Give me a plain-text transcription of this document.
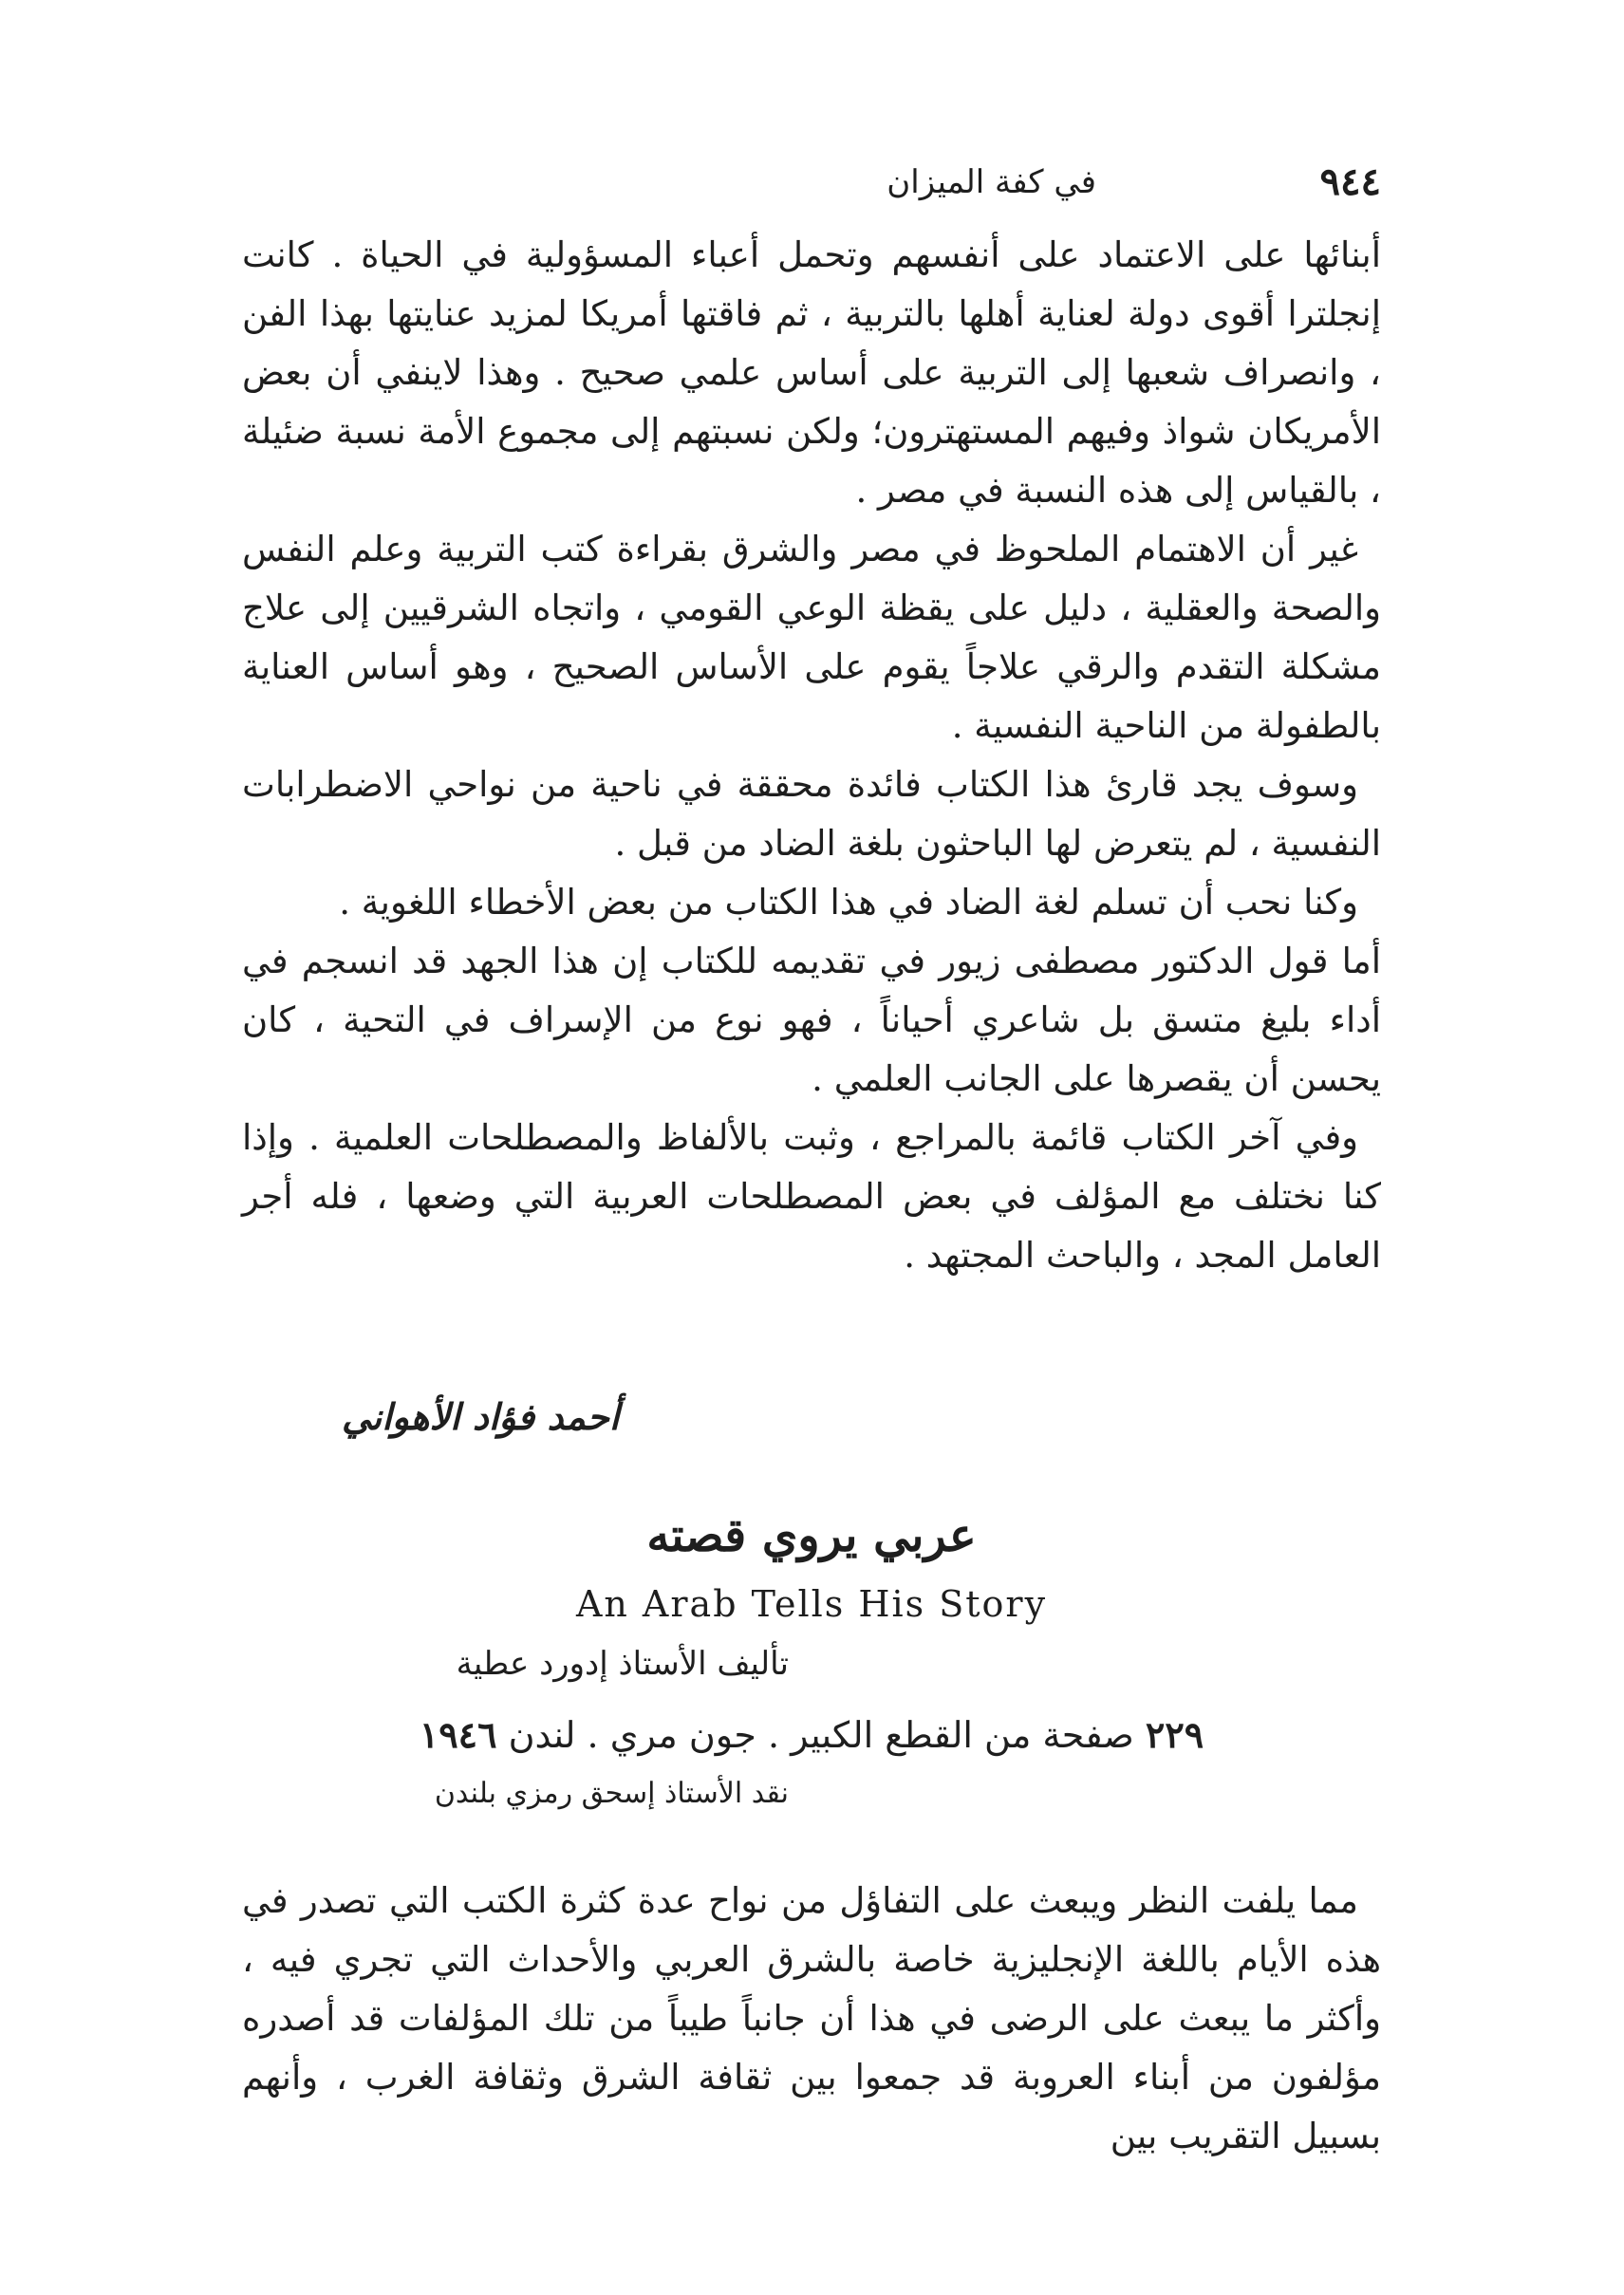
٩٤٤
في كفة الميزان

أبنائها على الاعتماد على أنفسهم وتحمل أعباء المسؤولية في الحياة . كانت إنجلترا أقوى دولة لعناية أهلها بالتربية ، ثم فاقتها أمريكا لمزيد عنايتها بهذا الفن ، وانصراف شعبها إلى التربية على أساس علمي صحيح . وهذا لاينفي أن بعض الأمريكان شواذ وفيهم المستهترون؛ ولكن نسبتهم إلى مجموع الأمة نسبة ضئيلة ، بالقياس إلى هذه النسبة في مصر .

غير أن الاهتمام الملحوظ في مصر والشرق بقراءة كتب التربية وعلم النفس والصحة والعقلية ، دليل على يقظة الوعي القومي ، واتجاه الشرقيين إلى علاج مشكلة التقدم والرقي علاجاً يقوم على الأساس الصحيح ، وهو أساس العناية بالطفولة من الناحية النفسية .

وسوف يجد قارئ هذا الكتاب فائدة محققة في ناحية من نواحي الاضطرابات النفسية ، لم يتعرض لها الباحثون بلغة الضاد من قبل .

وكنا نحب أن تسلم لغة الضاد في هذا الكتاب من بعض الأخطاء اللغوية .

أما قول الدكتور مصطفى زيور في تقديمه للكتاب إن هذا الجهد قد انسجم في أداء بليغ متسق بل شاعري أحياناً ، فهو نوع من الإسراف في التحية ، كان يحسن أن يقصرها على الجانب العلمي .

وفي آخر الكتاب قائمة بالمراجع ، وثبت بالألفاظ والمصطلحات العلمية . وإذا كنا نختلف مع المؤلف في بعض المصطلحات العربية التي وضعها ، فله أجر العامل المجد ، والباحث المجتهد .

أحمد فؤاد الأهواني
عربي يروي قصته
An Arab Tells His Story
تأليف الأستاذ إدورد عطية
٢٢٩ صفحة من القطع الكبير . جون مري . لندن ١٩٤٦
نقد الأستاذ إسحق رمزي بلندن

مما يلفت النظر ويبعث على التفاؤل من نواح عدة كثرة الكتب التي تصدر في هذه الأيام باللغة الإنجليزية خاصة بالشرق العربي والأحداث التي تجري فيه ، وأكثر ما يبعث على الرضى في هذا أن جانباً طيباً من تلك المؤلفات قد أصدره مؤلفون من أبناء العروبة قد جمعوا بين ثقافة الشرق وثقافة الغرب ، وأنهم بسبيل التقريب بين
